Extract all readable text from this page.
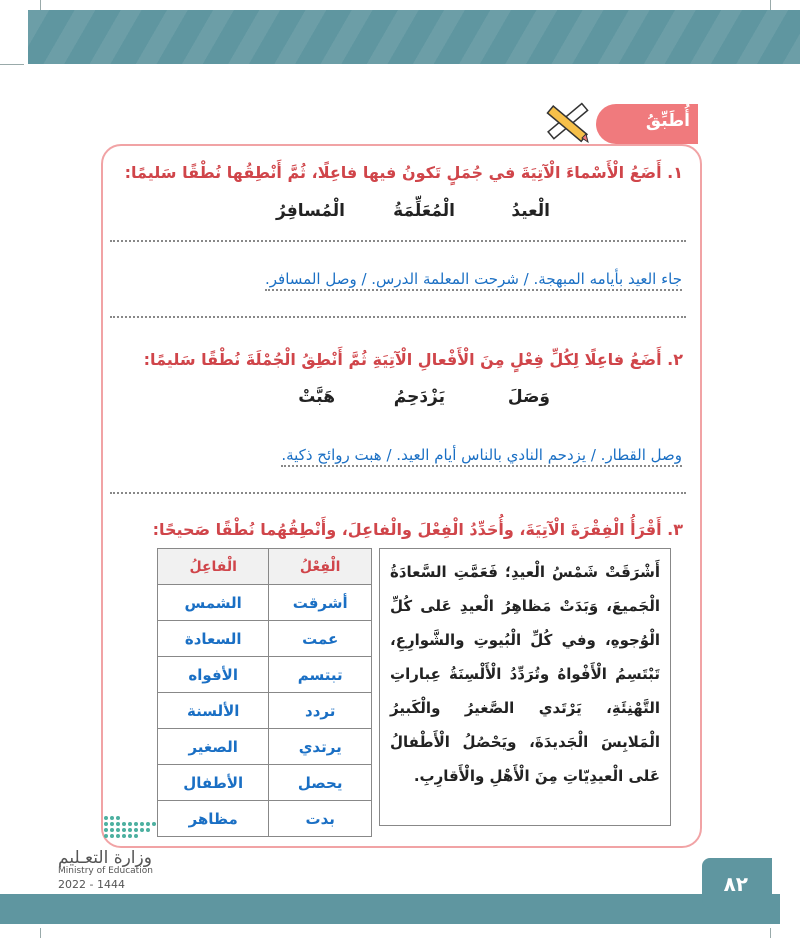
أُطَبِّقُ
١. أَضَعُ الْأَسْماءَ الْآتِيَةَ في جُمَلٍ تَكونُ فيها فاعِلًا، ثُمَّ أَنْطِقُها نُطْقًا سَليمًا:
الْعيدُ
الْمُعَلِّمَةُ
الْمُسافِرُ
جاء العيد بأيامه المبهجة. / شرحت المعلمة الدرس. / وصل المسافر.
٢. أَضَعُ فاعِلًا لِكُلِّ فِعْلٍ مِنَ الْأَفْعالِ الْآتِيَةِ ثُمَّ أَنْطِقُ الْجُمْلَةَ نُطْقًا سَليمًا:
وَصَلَ
يَزْدَحِمُ
هَبَّتْ
وصل القطار. / يزدحم النادي بالناس أيام العيد. / هبت روائح ذكية.
٣. أَقْرَأُ الْفِقْرَةَ الْآتِيَةَ، وأُحَدِّدُ الْفِعْلَ والْفاعِلَ، وأَنْطِقُهُما نُطْقًا صَحيحًا:
أَشْرَقَتْ شَمْسُ الْعيدِ؛ فَعَمَّتِ السَّعادَةُ الْجَميعَ، وَبَدَتْ مَظاهِرُ الْعيدِ عَلى كُلِّ الْوُجوهِ، وفي كُلِّ الْبُيوتِ والشَّوارِعِ، تَبْتَسِمُ الْأَفْواهُ وتُرَدِّدُ الْأَلْسِنَةُ عِباراتِ التَّهْنِئَةِ، يَرْتَدي الصَّغيرُ والْكَبيرُ الْمَلابِسَ الْجَديدَةَ، ويَحْصُلُ الْأَطْفالُ عَلى الْعيدِيّاتِ مِنَ الْأَهْلِ والْأَقارِبِ.
الْفِعْلُ	الْفاعِلُ
أشرقت	الشمس
عمت	السعادة
تبتسم	الأفواه
تردد	الألسنة
يرتدي	الصغير
يحصل	الأطفال
بدت	مظاهر
وزارة التعـليم
Ministry of Education
2022 - 1444	٨٢
